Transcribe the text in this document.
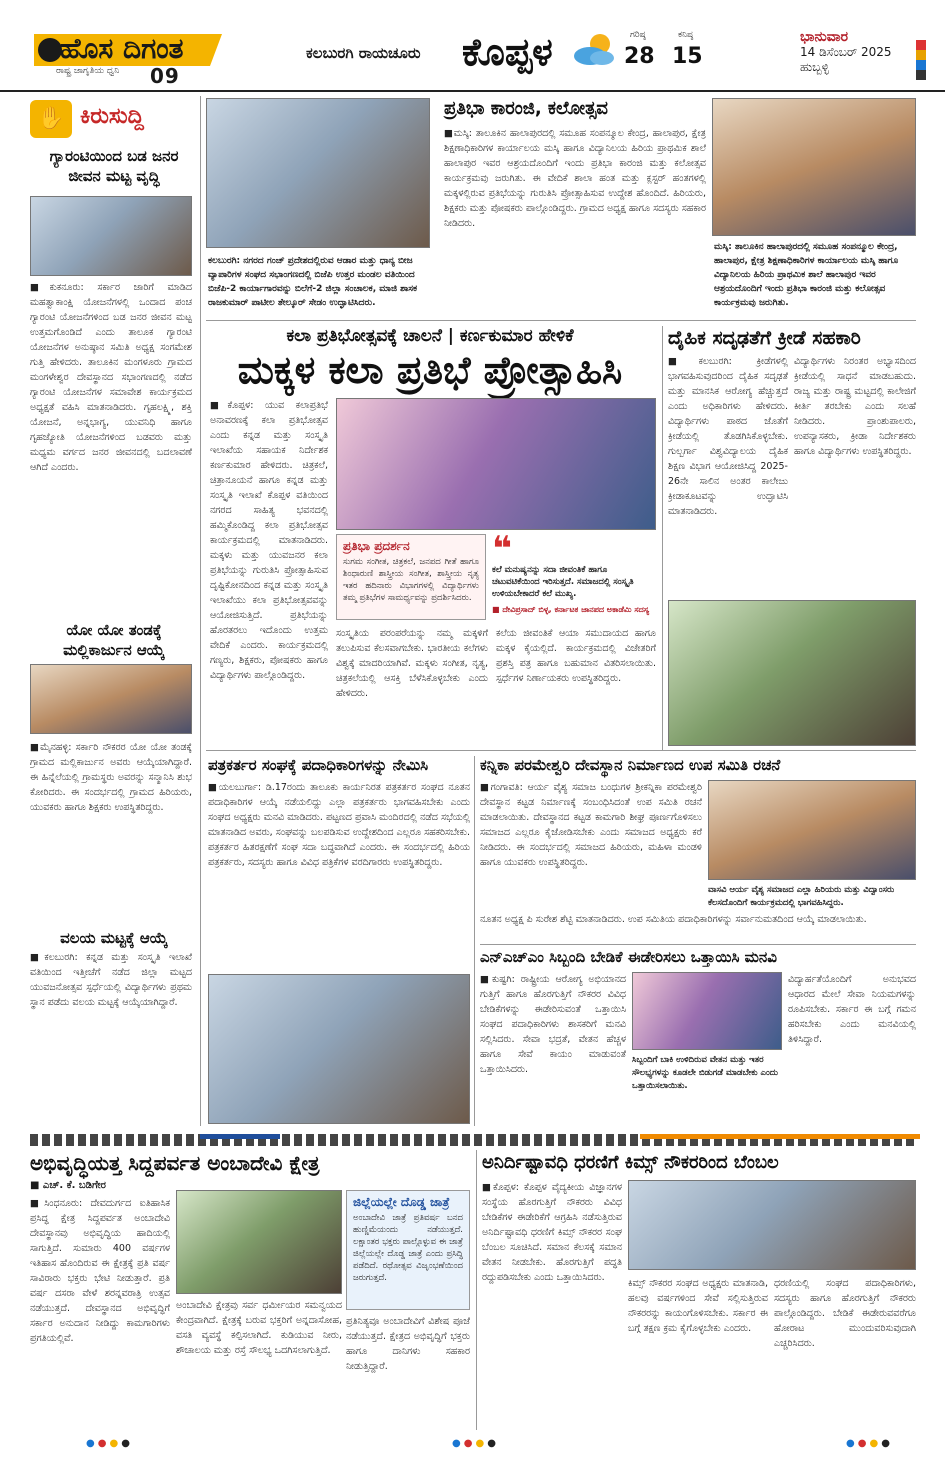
ಹೊಸ ದಿಗಂತ
ರಾಷ್ಟ್ರ ಜಾಗೃತಿಯ ಧ್ವನಿ 09
ಕಲಬುರಗಿ ರಾಯಚೂರು ಕೊಪ್ಪಳ	ಗರಿಷ್ಠ
28
ಕನಿಷ್ಠ
15
ಭಾನುವಾರ
14 ಡಿಸೆಂಬರ್ 2025
ಹುಬ್ಬಳ್ಳಿ
✋ ಕಿರುಸುದ್ದಿ
ಗ್ಯಾರಂಟಿಯಿಂದ ಬಡ ಜನರ ಜೀವನ ಮಟ್ಟ ವೃದ್ಧಿ
■ಕುಕನೂರು: ಸರ್ಕಾರ ಜಾರಿಗೆ ಮಾಡಿದ ಮಹತ್ವಾಕಾಂಕ್ಷಿ ಯೋಜನೆಗಳಲ್ಲಿ ಒಂದಾದ ಪಂಚ ಗ್ಯಾರಂಟಿ ಯೋಜನೆಗಳಿಂದ ಬಡ ಜನರ ಜೀವನ ಮಟ್ಟ ಉತ್ತಮಗೊಂಡಿದೆ ಎಂದು ತಾಲೂಕ ಗ್ಯಾರಂಟಿ ಯೋಜನೆಗಳ ಅನುಷ್ಠಾನ ಸಮಿತಿ ಅಧ್ಯಕ್ಷ ಸಂಗಮೇಶ ಗುತ್ತಿ ಹೇಳಿದರು. ತಾಲೂಕಿನ ಮಂಗಳೂರು ಗ್ರಾಮದ ಮಂಗಳೇಶ್ವರ ದೇವಸ್ಥಾನದ ಸಭಾಂಗಣದಲ್ಲಿ ನಡೆದ ಗ್ಯಾರಂಟಿ ಯೋಜನೆಗಳ ಸಮಾವೇಶ ಕಾರ್ಯಕ್ರಮದ ಅಧ್ಯಕ್ಷತೆ ವಹಿಸಿ ಮಾತನಾಡಿದರು. ಗೃಹಲಕ್ಷ್ಮಿ, ಶಕ್ತಿ ಯೋಜನೆ, ಅನ್ನಭಾಗ್ಯ, ಯುವನಿಧಿ ಹಾಗೂ ಗೃಹಜ್ಯೋತಿ ಯೋಜನೆಗಳಿಂದ ಬಡವರು ಮತ್ತು ಮಧ್ಯಮ ವರ್ಗದ ಜನರ ಜೀವನದಲ್ಲಿ ಬದಲಾವಣೆ ಆಗಿದೆ ಎಂದರು.
ಯೋ ಯೋ ತಂಡಕ್ಕೆ ಮಲ್ಲಿಕಾರ್ಜುನ ಆಯ್ಕೆ
■ಮೈನಹಳ್ಳಿ: ಸರ್ಕಾರಿ ನೌಕರರ ಯೋ ಯೋ ತಂಡಕ್ಕೆ ಗ್ರಾಮದ ಮಲ್ಲಿಕಾರ್ಜುನ ಅವರು ಆಯ್ಕೆಯಾಗಿದ್ದಾರೆ. ಈ ಹಿನ್ನೆಲೆಯಲ್ಲಿ ಗ್ರಾಮಸ್ಥರು ಅವರನ್ನು ಸನ್ಮಾನಿಸಿ ಶುಭ ಕೋರಿದರು. ಈ ಸಂದರ್ಭದಲ್ಲಿ ಗ್ರಾಮದ ಹಿರಿಯರು, ಯುವಕರು ಹಾಗೂ ಶಿಕ್ಷಕರು ಉಪಸ್ಥಿತರಿದ್ದರು.
ವಲಯ ಮಟ್ಟಕ್ಕೆ ಆಯ್ಕೆ
■ಕಲಬುರಗಿ: ಕನ್ನಡ ಮತ್ತು ಸಂಸ್ಕೃತಿ ಇಲಾಖೆ ವತಿಯಿಂದ ಇತ್ತೀಚೆಗೆ ನಡೆದ ಜಿಲ್ಲಾ ಮಟ್ಟದ ಯುವಜನೋತ್ಸವ ಸ್ಪರ್ಧೆಯಲ್ಲಿ ವಿದ್ಯಾರ್ಥಿಗಳು ಪ್ರಥಮ ಸ್ಥಾನ ಪಡೆದು ವಲಯ ಮಟ್ಟಕ್ಕೆ ಆಯ್ಕೆಯಾಗಿದ್ದಾರೆ.
ಕಲಬುರಗಿ: ನಗರದ ಗಂಜ್ ಪ್ರದೇಶದಲ್ಲಿರುವ ಆಡಾರ ಮತ್ತು ಧಾನ್ಯ ಬೀಜ ವ್ಯಾಪಾರಿಗಳ ಸಂಘದ ಸಭಾಂಗಣದಲ್ಲಿ ಬಿಜೆಪಿ ಉತ್ತರ ಮಂಡಲ ವತಿಯಿಂದ ಬಿಜೆಪಿ-2 ಕಾರ್ಯಾಗಾರವನ್ನು ಬಿಲೆಗೆ-2 ಜಿಲ್ಲಾ ಸಂಚಾಲಕ, ಮಾಜಿ ಶಾಸಕ ರಾಜಕುಮಾರ್ ಪಾಟೀಲ ತೇಲ್ಕೂರ್ ಸೇಡಂ ಉದ್ಘಾಟಿಸಿದರು.
ಪ್ರತಿಭಾ ಕಾರಂಜಿ, ಕಲೋತ್ಸವ
■ಮಸ್ಕಿ: ತಾಲೂಕಿನ ಹಾಲಾಪುರದಲ್ಲಿ ಸಮೂಹ ಸಂಪನ್ಮೂಲ ಕೇಂದ್ರ, ಹಾಲಾಪುರ, ಕ್ಷೇತ್ರ ಶಿಕ್ಷಣಾಧಿಕಾರಿಗಳ ಕಾರ್ಯಾಲಯ ಮಸ್ಕಿ ಹಾಗೂ ವಿದ್ಯಾನಿಲಯ ಹಿರಿಯ ಪ್ರಾಥಮಿಕ ಶಾಲೆ ಹಾಲಾಪುರ ಇವರ ಆಶ್ರಯದೊಂದಿಗೆ ಇಂದು ಪ್ರತಿಭಾ ಕಾರಂಜಿ ಮತ್ತು ಕಲೋತ್ಸವ ಕಾರ್ಯಕ್ರಮವು ಜರುಗಿತು. ಈ ವೇದಿಕೆ ಶಾಲಾ ಹಂತ ಮತ್ತು ಕ್ಲಸ್ಟರ್ ಹಂತಗಳಲ್ಲಿ ಮಕ್ಕಳಲ್ಲಿರುವ ಪ್ರತಿಭೆಯನ್ನು ಗುರುತಿಸಿ ಪ್ರೋತ್ಸಾಹಿಸುವ ಉದ್ದೇಶ ಹೊಂದಿದೆ. ಹಿರಿಯರು, ಶಿಕ್ಷಕರು ಮತ್ತು ಪೋಷಕರು ಪಾಲ್ಗೊಂಡಿದ್ದರು. ಗ್ರಾಮದ ಅಧ್ಯಕ್ಷ ಹಾಗೂ ಸದಸ್ಯರು ಸಹಕಾರ ನೀಡಿದರು.
ಮಸ್ಕಿ: ತಾಲೂಕಿನ ಹಾಲಾಪುರದಲ್ಲಿ ಸಮೂಹ ಸಂಪನ್ಮೂಲ ಕೇಂದ್ರ, ಹಾಲಾಪುರ, ಕ್ಷೇತ್ರ ಶಿಕ್ಷಣಾಧಿಕಾರಿಗಳ ಕಾರ್ಯಾಲಯ ಮಸ್ಕಿ ಹಾಗೂ ವಿದ್ಯಾನಿಲಯ ಹಿರಿಯ ಪ್ರಾಥಮಿಕ ಶಾಲೆ ಹಾಲಾಪುರ ಇವರ ಆಶ್ರಯದೊಂದಿಗೆ ಇಂದು ಪ್ರತಿಭಾ ಕಾರಂಜಿ ಮತ್ತು ಕಲೋತ್ಸವ ಕಾರ್ಯಕ್ರಮವು ಜರುಗಿತು.
ಕಲಾ ಪ್ರತಿಭೋತ್ಸವಕ್ಕೆ ಚಾಲನೆ | ಕರ್ಣಕುಮಾರ ಹೇಳಿಕೆ
ಮಕ್ಕಳ ಕಲಾ ಪ್ರತಿಭೆ ಪ್ರೋತ್ಸಾಹಿಸಿ
■ಕೊಪ್ಪಳ: ಯುವ ಕಲಾಪ್ರತಿಭೆ ಅನಾವರಣಕ್ಕೆ ಕಲಾ ಪ್ರತಿಭೋತ್ಸವ ಎಂದು ಕನ್ನಡ ಮತ್ತು ಸಂಸ್ಕೃತಿ ಇಲಾಖೆಯ ಸಹಾಯಕ ನಿರ್ದೇಶಕ ಕರ್ಣಕುಮಾರ ಹೇಳಿದರು. ಚಿತ್ರಕಲೆ, ಚಿತ್ರಾನೂಯನೆ ಹಾಗೂ ಕನ್ನಡ ಮತ್ತು ಸಂಸ್ಕೃತಿ ಇಲಾಖೆ ಕೊಪ್ಪಳ ವತಿಯಿಂದ ನಗರದ ಸಾಹಿತ್ಯ ಭವನದಲ್ಲಿ ಹಮ್ಮಿಕೊಂಡಿದ್ದ ಕಲಾ ಪ್ರತಿಭೋತ್ಸವ ಕಾರ್ಯಕ್ರಮದಲ್ಲಿ ಮಾತನಾಡಿದರು. ಮಕ್ಕಳು ಮತ್ತು ಯುವಜನರ ಕಲಾ ಪ್ರತಿಭೆಯನ್ನು ಗುರುತಿಸಿ ಪ್ರೋತ್ಸಾಹಿಸುವ ದೃಷ್ಟಿಕೋನದಿಂದ ಕನ್ನಡ ಮತ್ತು ಸಂಸ್ಕೃತಿ ಇಲಾಖೆಯು ಕಲಾ ಪ್ರತಿಭೋತ್ಸವವನ್ನು ಆಯೋಜಿಸುತ್ತಿದೆ. ಪ್ರತಿಭೆಯನ್ನು ಹೊರತರಲು ಇದೊಂದು ಉತ್ತಮ ವೇದಿಕೆ ಎಂದರು. ಕಾರ್ಯಕ್ರಮದಲ್ಲಿ ಗಣ್ಯರು, ಶಿಕ್ಷಕರು, ಪೋಷಕರು ಹಾಗೂ ವಿದ್ಯಾರ್ಥಿಗಳು ಪಾಲ್ಗೊಂಡಿದ್ದರು.
ಪ್ರತಿಭಾ ಪ್ರದರ್ಶನ
ಸುಗಮ ಸಂಗೀತ, ಚಿತ್ರಕಲೆ, ಜನಪದ ಗೀತೆ ಹಾಗೂ ಶಿಂಧಾರುಣಿ ಶಾಸ್ತ್ರೀಯ ಸಂಗೀತ, ಶಾಸ್ತ್ರೀಯ ನೃತ್ಯ ಇತರ ಹದಿನಾರು ವಿಭಾಗಗಳಲ್ಲಿ ವಿದ್ಯಾರ್ಥಿಗಳು ತಮ್ಮ ಪ್ರತಿಭೆಗಳ ಸಾಮರ್ಥ್ಯವನ್ನು ಪ್ರದರ್ಶಿಸಿದರು.
❝
ಕಲೆ ಮನುಷ್ಯನನ್ನು ಸದಾ ಜೀವಂತಿಕೆ ಹಾಗೂ ಚಟುವಟಿಕೆಯಿಂದ ಇರಿಸುತ್ತದೆ. ಸಮಾಜದಲ್ಲಿ ಸಂಸ್ಕೃತಿ ಉಳಿಯಬೇಕಾದರೆ ಕಲೆ ಮುಖ್ಯ.
■ ದೇವಿಪ್ರಸಾದ್ ಬಿಳ್ಳ, ಕರ್ನಾಟಕ ಜಾನಪದ ಅಕಾಡೆಮಿ ಸದಸ್ಯ
ಸಂಸ್ಕೃತಿಯ ಪರಂಪರೆಯನ್ನು ನಮ್ಮ ಮಕ್ಕಳಿಗೆ ತಲುಪಿಸುವ ಕೆಲಸವಾಗಬೇಕು. ಭಾರತೀಯ ಕಲೆಗಳು ವಿಶ್ವಕ್ಕೆ ಮಾದರಿಯಾಗಿವೆ. ಮಕ್ಕಳು ಸಂಗೀತ, ನೃತ್ಯ, ಚಿತ್ರಕಲೆಯಲ್ಲಿ ಆಸಕ್ತಿ ಬೆಳೆಸಿಕೊಳ್ಳಬೇಕು ಎಂದು ಹೇಳಿದರು.
ಕಲೆಯ ಜೀವಂತಿಕೆ ಆಯಾ ಸಮುದಾಯದ ಹಾಗೂ ಮಕ್ಕಳ ಕೈಯಲ್ಲಿದೆ. ಕಾರ್ಯಕ್ರಮದಲ್ಲಿ ವಿಜೇತರಿಗೆ ಪ್ರಶಸ್ತಿ ಪತ್ರ ಹಾಗೂ ಬಹುಮಾನ ವಿತರಿಸಲಾಯಿತು. ಸ್ಪರ್ಧೆಗಳ ನಿರ್ಣಾಯಕರು ಉಪಸ್ಥಿತರಿದ್ದರು.
ದೈಹಿಕ ಸದೃಢತೆಗೆ ಕ್ರೀಡೆ ಸಹಕಾರಿ
■ಕಲಬುರಗಿ: ಕ್ರೀಡೆಗಳಲ್ಲಿ ಭಾಗವಹಿಸುವುದರಿಂದ ದೈಹಿಕ ಸದೃಢತೆ ಮತ್ತು ಮಾನಸಿಕ ಆರೋಗ್ಯ ಹೆಚ್ಚುತ್ತದೆ ಎಂದು ಅಧಿಕಾರಿಗಳು ಹೇಳಿದರು. ವಿದ್ಯಾರ್ಥಿಗಳು ಪಾಠದ ಜೊತೆಗೆ ಕ್ರೀಡೆಯಲ್ಲಿ ತೊಡಗಿಸಿಕೊಳ್ಳಬೇಕು. ಗುಲ್ಬರ್ಗಾ ವಿಶ್ವವಿದ್ಯಾಲಯ ದೈಹಿಕ ಶಿಕ್ಷಣ ವಿಭಾಗ ಆಯೋಜಿಸಿದ್ದ 2025-26ನೇ ಸಾಲಿನ ಅಂತರ ಕಾಲೇಜು ಕ್ರೀಡಾಕೂಟವನ್ನು ಉದ್ಘಾಟಿಸಿ ಮಾತನಾಡಿದರು.
ವಿದ್ಯಾರ್ಥಿಗಳು ನಿರಂತರ ಅಭ್ಯಾಸದಿಂದ ಕ್ರೀಡೆಯಲ್ಲಿ ಸಾಧನೆ ಮಾಡಬಹುದು. ರಾಜ್ಯ ಮತ್ತು ರಾಷ್ಟ್ರ ಮಟ್ಟದಲ್ಲಿ ಕಾಲೇಜಿಗೆ ಕೀರ್ತಿ ತರಬೇಕು ಎಂದು ಸಲಹೆ ನೀಡಿದರು. ಪ್ರಾಂಶುಪಾಲರು, ಉಪನ್ಯಾಸಕರು, ಕ್ರೀಡಾ ನಿರ್ದೇಶಕರು ಹಾಗೂ ವಿದ್ಯಾರ್ಥಿಗಳು ಉಪಸ್ಥಿತರಿದ್ದರು.
ಪತ್ರಕರ್ತರ ಸಂಘಕ್ಕೆ ಪದಾಧಿಕಾರಿಗಳನ್ನು ನೇಮಿಸಿ
■ಯಲಬುರ್ಗಾ: ಡಿ.17ರಂದು ತಾಲೂಕು ಕಾರ್ಯನಿರತ ಪತ್ರಕರ್ತರ ಸಂಘದ ನೂತನ ಪದಾಧಿಕಾರಿಗಳ ಆಯ್ಕೆ ನಡೆಯಲಿದ್ದು ಎಲ್ಲಾ ಪತ್ರಕರ್ತರು ಭಾಗವಹಿಸಬೇಕು ಎಂದು ಸಂಘದ ಅಧ್ಯಕ್ಷರು ಮನವಿ ಮಾಡಿದರು. ಪಟ್ಟಣದ ಪ್ರವಾಸಿ ಮಂದಿರದಲ್ಲಿ ನಡೆದ ಸಭೆಯಲ್ಲಿ ಮಾತನಾಡಿದ ಅವರು, ಸಂಘವನ್ನು ಬಲಪಡಿಸುವ ಉದ್ದೇಶದಿಂದ ಎಲ್ಲರೂ ಸಹಕರಿಸಬೇಕು. ಪತ್ರಕರ್ತರ ಹಿತರಕ್ಷಣೆಗೆ ಸಂಘ ಸದಾ ಬದ್ಧವಾಗಿದೆ ಎಂದರು. ಈ ಸಂದರ್ಭದಲ್ಲಿ ಹಿರಿಯ ಪತ್ರಕರ್ತರು, ಸದಸ್ಯರು ಹಾಗೂ ವಿವಿಧ ಪತ್ರಿಕೆಗಳ ವರದಿಗಾರರು ಉಪಸ್ಥಿತರಿದ್ದರು.
ಕನ್ನಿಕಾ ಪರಮೇಶ್ವರಿ ದೇವಸ್ಥಾನ ನಿರ್ಮಾಣದ ಉಪ ಸಮಿತಿ ರಚನೆ
■ಗಂಗಾವತಿ: ಆರ್ಯ ವೈಶ್ಯ ಸಮಾಜ ಬಂಧುಗಳ ಶ್ರೀಕನ್ನಿಕಾ ಪರಮೇಶ್ವರಿ ದೇವಸ್ಥಾನ ಕಟ್ಟಡ ನಿರ್ಮಾಣಕ್ಕೆ ಸಂಬಂಧಿಸಿದಂತೆ ಉಪ ಸಮಿತಿ ರಚನೆ ಮಾಡಲಾಯಿತು. ದೇವಸ್ಥಾನದ ಕಟ್ಟಡ ಕಾಮಗಾರಿ ಶೀಘ್ರ ಪೂರ್ಣಗೊಳಿಸಲು ಸಮಾಜದ ಎಲ್ಲರೂ ಕೈಜೋಡಿಸಬೇಕು ಎಂದು ಸಮಾಜದ ಅಧ್ಯಕ್ಷರು ಕರೆ ನೀಡಿದರು. ಈ ಸಂದರ್ಭದಲ್ಲಿ ಸಮಾಜದ ಹಿರಿಯರು, ಮಹಿಳಾ ಮಂಡಳಿ ಹಾಗೂ ಯುವಕರು ಉಪಸ್ಥಿತರಿದ್ದರು.
ವಾಸವಿ ಆರ್ಯ ವೈಶ್ಯ ಸಮಾಜದ ಎಲ್ಲಾ ಹಿರಿಯರು ಮತ್ತು ವಿದ್ವಾಂಸರು ಕೆಲಸದೊಂದಿಗೆ ಕಾರ್ಯಕ್ರಮದಲ್ಲಿ ಭಾಗವಹಿಸಿದ್ದರು.
ನೂತನ ಅಧ್ಯಕ್ಷ ಪಿ ಸುರೇಶ ಶೆಟ್ಟಿ ಮಾತನಾಡಿದರು. ಉಪ ಸಮಿತಿಯ ಪದಾಧಿಕಾರಿಗಳನ್ನು ಸರ್ವಾನುಮತದಿಂದ ಆಯ್ಕೆ ಮಾಡಲಾಯಿತು.
ಎನ್ಎಚ್ಎಂ ಸಿಬ್ಬಂದಿ ಬೇಡಿಕೆ ಈಡೇರಿಸಲು ಒತ್ತಾಯಿಸಿ ಮನವಿ
■ಕುಷ್ಟಗಿ: ರಾಷ್ಟ್ರೀಯ ಆರೋಗ್ಯ ಅಭಿಯಾನದ ಗುತ್ತಿಗೆ ಹಾಗೂ ಹೊರಗುತ್ತಿಗೆ ನೌಕರರ ವಿವಿಧ ಬೇಡಿಕೆಗಳನ್ನು ಈಡೇರಿಸುವಂತೆ ಒತ್ತಾಯಿಸಿ ಸಂಘದ ಪದಾಧಿಕಾರಿಗಳು ಶಾಸಕರಿಗೆ ಮನವಿ ಸಲ್ಲಿಸಿದರು. ಸೇವಾ ಭದ್ರತೆ, ವೇತನ ಹೆಚ್ಚಳ ಹಾಗೂ ಸೇವೆ ಕಾಯಂ ಮಾಡುವಂತೆ ಒತ್ತಾಯಿಸಿದರು.
ಸಿಬ್ಬಂದಿಗೆ ಬಾಕಿ ಉಳಿದಿರುವ ವೇತನ ಮತ್ತು ಇತರ ಸೌಲಭ್ಯಗಳನ್ನು ಕೂಡಲೇ ಬಿಡುಗಡೆ ಮಾಡಬೇಕು ಎಂದು ಒತ್ತಾಯಿಸಲಾಯಿತು.
ವಿದ್ಯಾರ್ಹತೆಯೊಂದಿಗೆ ಅನುಭವದ ಆಧಾರದ ಮೇಲೆ ಸೇವಾ ನಿಯಮಗಳನ್ನು ರೂಪಿಸಬೇಕು. ಸರ್ಕಾರ ಈ ಬಗ್ಗೆ ಗಮನ ಹರಿಸಬೇಕು ಎಂದು ಮನವಿಯಲ್ಲಿ ತಿಳಿಸಿದ್ದಾರೆ.
ಅಭಿವೃದ್ಧಿಯತ್ತ ಸಿದ್ದಪರ್ವತ ಅಂಬಾದೇವಿ ಕ್ಷೇತ್ರ
■ ಎಚ್. ಕೆ. ಬಡಿಗೇರ
■ಸಿಂಧನೂರು: ದೇವದುರ್ಗದ ಐತಿಹಾಸಿಕ ಪ್ರಸಿದ್ಧ ಕ್ಷೇತ್ರ ಸಿದ್ದಪರ್ವತ ಅಂಬಾದೇವಿ ದೇವಸ್ಥಾನವು ಅಭಿವೃದ್ಧಿಯ ಹಾದಿಯಲ್ಲಿ ಸಾಗುತ್ತಿದೆ. ಸುಮಾರು 400 ವರ್ಷಗಳ ಇತಿಹಾಸ ಹೊಂದಿರುವ ಈ ಕ್ಷೇತ್ರಕ್ಕೆ ಪ್ರತಿ ವರ್ಷ ಸಾವಿರಾರು ಭಕ್ತರು ಭೇಟಿ ನೀಡುತ್ತಾರೆ. ಪ್ರತಿ ವರ್ಷ ದಸರಾ ವೇಳೆ ಶರನ್ನವರಾತ್ರಿ ಉತ್ಸವ ನಡೆಯುತ್ತದೆ. ದೇವಸ್ಥಾನದ ಅಭಿವೃದ್ಧಿಗೆ ಸರ್ಕಾರ ಅನುದಾನ ನೀಡಿದ್ದು ಕಾಮಗಾರಿಗಳು ಪ್ರಗತಿಯಲ್ಲಿವೆ.
ಜಿಲ್ಲೆಯಲ್ಲೇ ದೊಡ್ಡ ಜಾತ್ರೆ
ಅಂಬಾದೇವಿ ಜಾತ್ರೆ ಪ್ರತಿವರ್ಷ ಬನದ ಹುಣ್ಣಿಮೆಯಂದು ನಡೆಯುತ್ತದೆ. ಲಕ್ಷಾಂತರ ಭಕ್ತರು ಪಾಲ್ಗೊಳ್ಳುವ ಈ ಜಾತ್ರೆ ಜಿಲ್ಲೆಯಲ್ಲೇ ದೊಡ್ಡ ಜಾತ್ರೆ ಎಂದು ಪ್ರಸಿದ್ಧಿ ಪಡೆದಿದೆ. ರಥೋತ್ಸವ ವಿಜೃಂಭಣೆಯಿಂದ ಜರುಗುತ್ತದೆ.
ಅಂಬಾದೇವಿ ಕ್ಷೇತ್ರವು ಸರ್ವ ಧರ್ಮೀಯರ ಸಮನ್ವಯದ ಕೇಂದ್ರವಾಗಿದೆ. ಕ್ಷೇತ್ರಕ್ಕೆ ಬರುವ ಭಕ್ತರಿಗೆ ಅನ್ನದಾಸೋಹ, ವಸತಿ ವ್ಯವಸ್ಥೆ ಕಲ್ಪಿಸಲಾಗಿದೆ. ಕುಡಿಯುವ ನೀರು, ಶೌಚಾಲಯ ಮತ್ತು ರಸ್ತೆ ಸೌಲಭ್ಯ ಒದಗಿಸಲಾಗುತ್ತಿದೆ.
ಪ್ರತಿನಿತ್ಯವೂ ಅಂಬಾದೇವಿಗೆ ವಿಶೇಷ ಪೂಜೆ ನಡೆಯುತ್ತದೆ. ಕ್ಷೇತ್ರದ ಅಭಿವೃದ್ಧಿಗೆ ಭಕ್ತರು ಹಾಗೂ ದಾನಿಗಳು ಸಹಕಾರ ನೀಡುತ್ತಿದ್ದಾರೆ.
ಅನಿರ್ದಿಷ್ಟಾವಧಿ ಧರಣಿಗೆ ಕಿಮ್ಸ್ ನೌಕರರಿಂದ ಬೆಂಬಲ
■ಕೊಪ್ಪಳ: ಕೊಪ್ಪಳ ವೈದ್ಯಕೀಯ ವಿಜ್ಞಾನಗಳ ಸಂಸ್ಥೆಯ ಹೊರಗುತ್ತಿಗೆ ನೌಕರರು ವಿವಿಧ ಬೇಡಿಕೆಗಳ ಈಡೇರಿಕೆಗೆ ಆಗ್ರಹಿಸಿ ನಡೆಸುತ್ತಿರುವ ಅನಿರ್ದಿಷ್ಟಾವಧಿ ಧರಣಿಗೆ ಕಿಮ್ಸ್ ನೌಕರರ ಸಂಘ ಬೆಂಬಲ ಸೂಚಿಸಿದೆ. ಸಮಾನ ಕೆಲಸಕ್ಕೆ ಸಮಾನ ವೇತನ ನೀಡಬೇಕು. ಹೊರಗುತ್ತಿಗೆ ಪದ್ಧತಿ ರದ್ದುಪಡಿಸಬೇಕು ಎಂದು ಒತ್ತಾಯಿಸಿದರು.
ಕಿಮ್ಸ್ ನೌಕರರ ಸಂಘದ ಅಧ್ಯಕ್ಷರು ಮಾತನಾಡಿ, ಹಲವು ವರ್ಷಗಳಿಂದ ಸೇವೆ ಸಲ್ಲಿಸುತ್ತಿರುವ ನೌಕರರನ್ನು ಕಾಯಂಗೊಳಿಸಬೇಕು. ಸರ್ಕಾರ ಈ ಬಗ್ಗೆ ತಕ್ಷಣ ಕ್ರಮ ಕೈಗೊಳ್ಳಬೇಕು ಎಂದರು.
ಧರಣಿಯಲ್ಲಿ ಸಂಘದ ಪದಾಧಿಕಾರಿಗಳು, ಸದಸ್ಯರು ಹಾಗೂ ಹೊರಗುತ್ತಿಗೆ ನೌಕರರು ಪಾಲ್ಗೊಂಡಿದ್ದರು. ಬೇಡಿಕೆ ಈಡೇರುವವರೆಗೂ ಹೋರಾಟ ಮುಂದುವರಿಸುವುದಾಗಿ ಎಚ್ಚರಿಸಿದರು.
●●●●	●●●●	●●●●
